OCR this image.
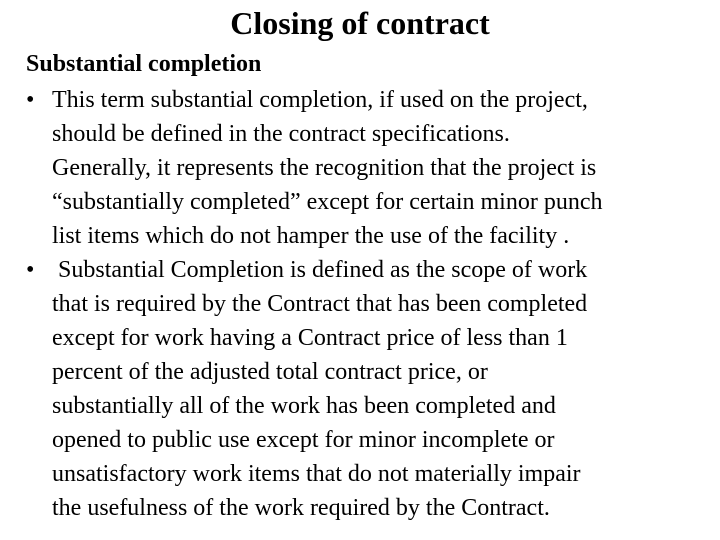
Closing of contract
Substantial completion
• This term substantial completion, if used on the project,
should be defined in the contract specifications.
Generally, it represents the recognition that the project is
“substantially completed” except for certain minor punch
list items which do not hamper the use of the facility .
• Substantial Completion is defined as the scope of work
that is required by the Contract that has been completed
except for work having a Contract price of less than 1
percent of the adjusted total contract price, or
substantially all of the work has been completed and
opened to public use except for minor incomplete or
unsatisfactory work items that do not materially impair
the usefulness of the work required by the Contract.
